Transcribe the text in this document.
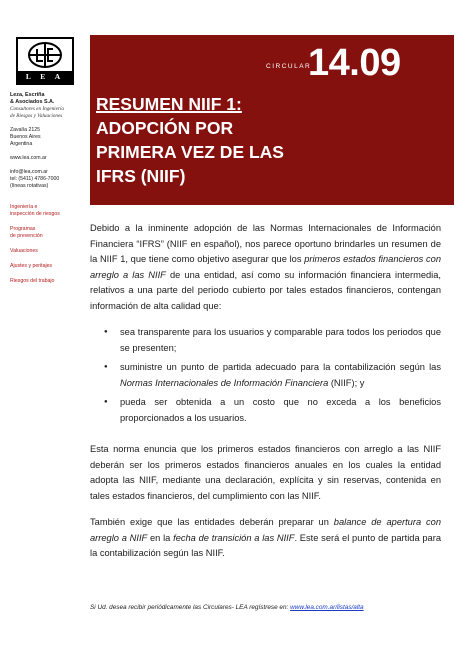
L E A
Leza, Escriña
& Asociados S.A.
Consultores en Ingeniería
de Riesgos y Valuaciones
Zavalía 2125
Buenos Aires
Argentina
www.lea.com.ar
info@lea.com.ar
tel: (5411) 4786-7000
(líneas rotativas)
Ingeniería e
inspección de riesgos
Programas
de prevención
Valuaciones
Ajustes y peritajes
Riesgos del trabajo
CIRCULAR
14.09
RESUMEN NIIF 1:
ADOPCIÓN POR
PRIMERA VEZ DE LAS
IFRS (NIIF)

Debido a la inminente adopción de las Normas Internacionales de Información Financiera “IFRS” (NIIF en español), nos parece oportuno brindarles un resumen de la NIIF 1, que tiene como objetivo asegurar que los primeros estados financieros con arreglo a las NIIF de una entidad, así como su información financiera intermedia, relativos a una parte del periodo cubierto por tales estados financieros, contengan información de alta calidad que:

● sea transparente para los usuarios y comparable para todos los periodos que se presenten;
● suministre un punto de partida adecuado para la contabilización según las Normas Internacionales de Información Financiera (NIIF); y
● pueda ser obtenida a un costo que no exceda a los beneficios proporcionados a los usuarios.

Esta norma enuncia que los primeros estados financieros con arreglo a las NIIF deberán ser los primeros estados financieros anuales en los cuales la entidad adopta las NIIF, mediante una declaración, explícita y sin reservas, contenida en tales estados financieros, del cumplimiento con las NIIF.

También exige que las entidades deberán preparar un balance de apertura con arreglo a NIIF en la fecha de transición a las NIIF. Este será el punto de partida para la contabilización según las NIIF.

Si Ud. desea recibir periódicamente las Circulares- LEA regístrese en: www.lea.com.ar/listas/alta
